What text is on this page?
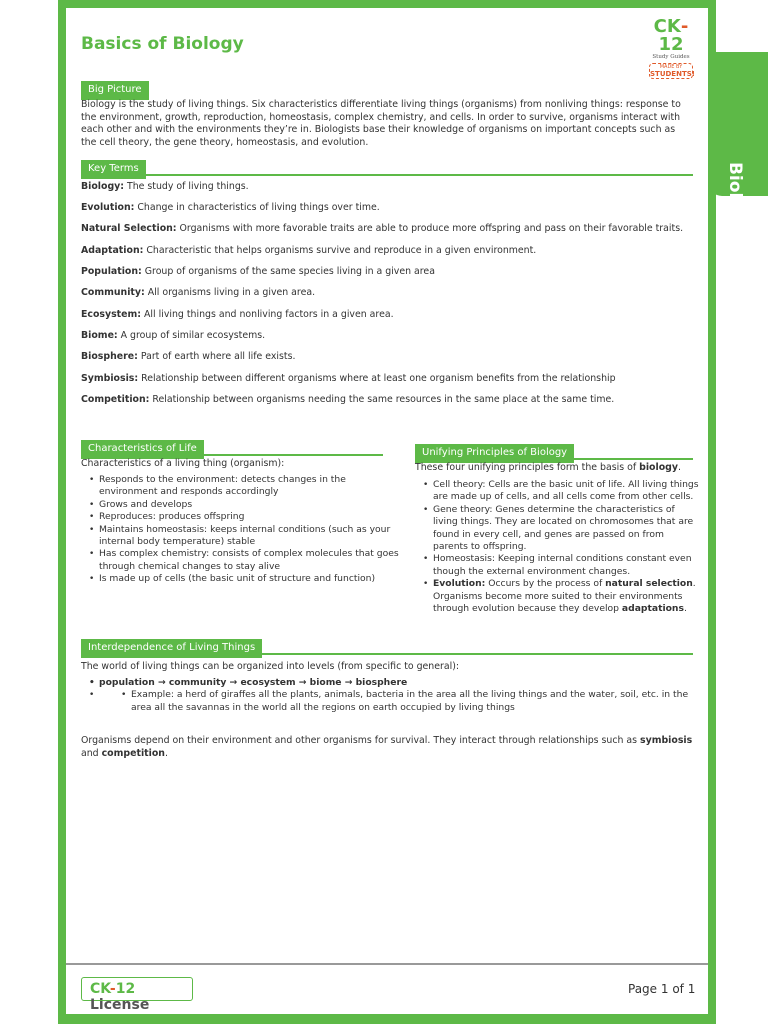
Biology
Basics of Biology
CK-12
Study Guides
MADE BY
STUDENTS!
Big Picture
Biology is the study of living things. Six characteristics differentiate living things (organisms) from nonliving things: response to the environment, growth, reproduction, homeostasis, complex chemistry, and cells. In order to survive, organisms interact with each other and with the environments they’re in. Biologists base their knowledge of organisms on important concepts such as the cell theory, the gene theory, homeostasis, and evolution.
Key Terms
Biology: The study of living things.
Evolution: Change in characteristics of living things over time.
Natural Selection: Organisms with more favorable traits are able to produce more offspring and pass on their favorable traits.
Adaptation: Characteristic that helps organisms survive and reproduce in a given environment.
Population: Group of organisms of the same species living in a given area
Community: All organisms living in a given area.
Ecosystem: All living things and nonliving factors in a given area.
Biome: A group of similar ecosystems.
Biosphere: Part of earth where all life exists.
Symbiosis: Relationship between different organisms where at least one organism benefits from the relationship
Competition: Relationship between organisms needing the same resources in the same place at the same time.
Characteristics of Life
Characteristics of a living thing (organism):
• Responds to the environment: detects changes in the environment and responds accordingly
• Grows and develops
• Reproduces: produces offspring
• Maintains homeostasis: keeps internal conditions (such as your internal body temperature) stable
• Has complex chemistry: consists of complex molecules that goes through chemical changes to stay alive
• Is made up of cells (the basic unit of structure and function)
Unifying Principles of Biology
These four unifying principles form the basis of biology.
• Cell theory: Cells are the basic unit of life. All living things are made up of cells, and all cells come from other cells.
• Gene theory: Genes determine the characteristics of living things. They are located on chromosomes that are found in every cell, and genes are passed on from parents to offspring.
• Homeostasis: Keeping internal conditions constant even though the external environment changes.
• Evolution: Occurs by the process of natural selection. Organisms become more suited to their environments through evolution because they develop adaptations.
Interdependence of Living Things
The world of living things can be organized into levels (from specific to general):
• population → community → ecosystem → biome → biosphere
• • Example: a herd of giraffes all the plants, animals, bacteria in the area all the living things and the water, soil, etc. in the area all the savannas in the world all the regions on earth occupied by living things
Organisms depend on their environment and other organisms for survival. They interact through relationships such as symbiosis and competition.
CK-12 License
Page 1 of 1
